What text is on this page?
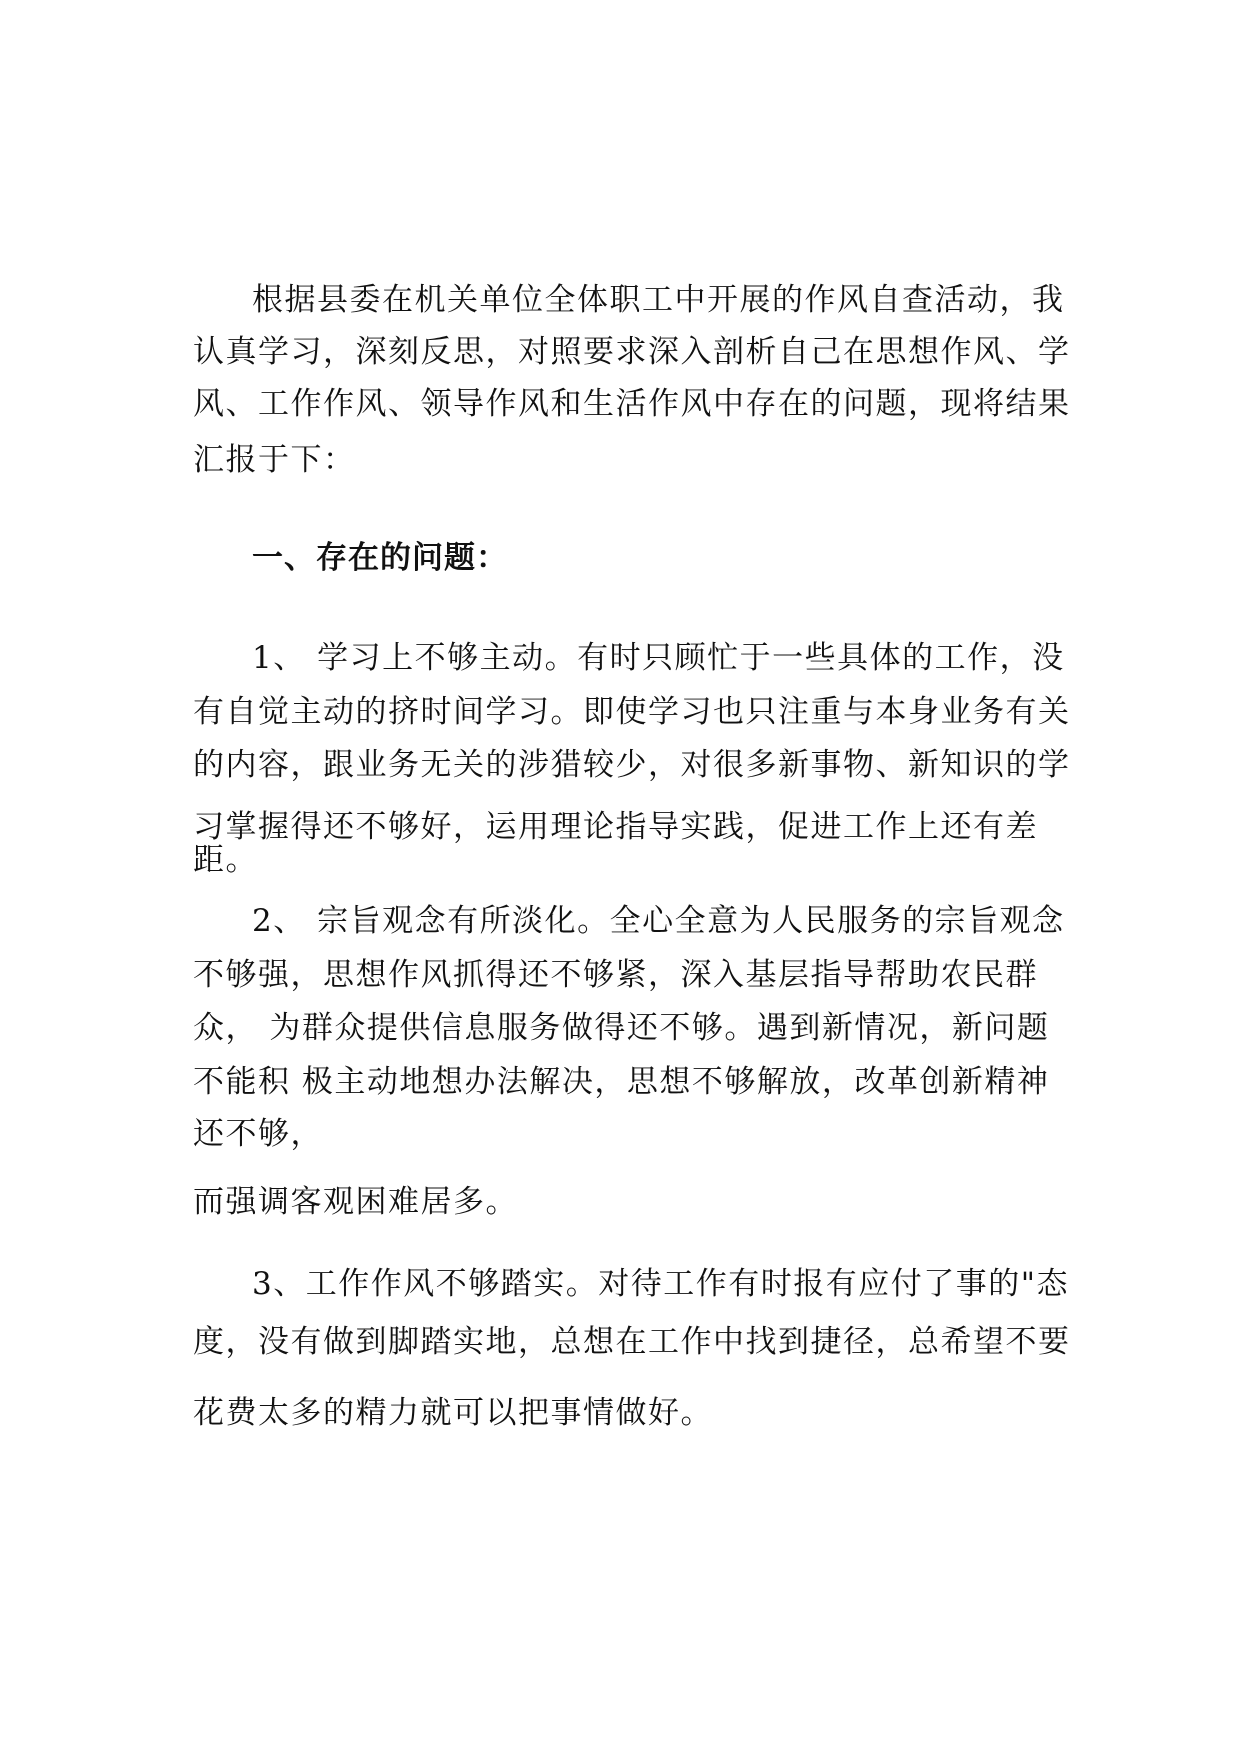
根据县委在机关单位全体职工中开展的作风自查活动，我
认真学习，深刻反思，对照要求深入剖析自己在思想作风、学
风、工作作风、领导作风和生活作风中存在的问题，现将结果
汇报于下：
一、存在的问题：
1、 学习上不够主动。有时只顾忙于一些具体的工作，没
有自觉主动的挤时间学习。即使学习也只注重与本身业务有关
的内容，跟业务无关的涉猎较少，对很多新事物、新知识的学
习掌握得还不够好，运用理论指导实践，促进工作上还有差
距。
2、 宗旨观念有所淡化。全心全意为人民服务的宗旨观念
不够强，思想作风抓得还不够紧，深入基层指导帮助农民群
众， 为群众提供信息服务做得还不够。遇到新情况，新问题
不能积 极主动地想办法解决，思想不够解放，改革创新精神
还不够，
而强调客观困难居多。
3、工作作风不够踏实。对待工作有时报有应付了事的"态
度，没有做到脚踏实地，总想在工作中找到捷径，总希望不要
花费太多的精力就可以把事情做好。
